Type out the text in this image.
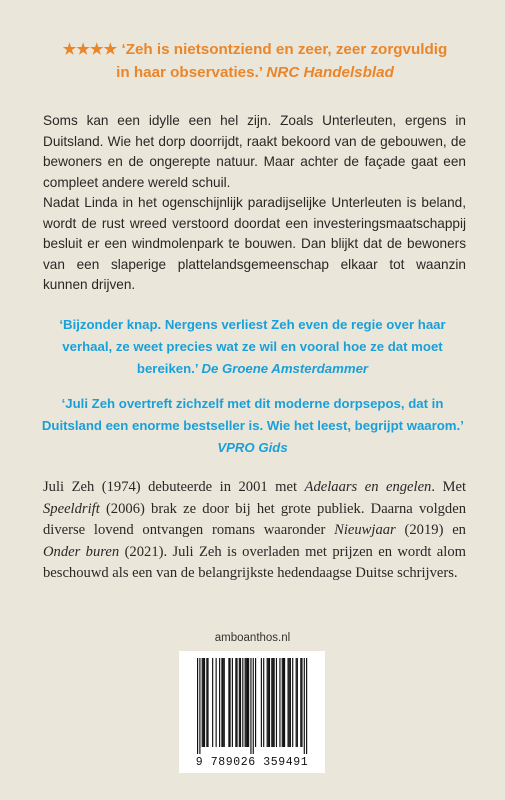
★★★★ ‘Zeh is nietsontziend en zeer, zeer zorgvuldig
in haar observaties.’ NRC Handelsblad

Soms kan een idylle een hel zijn. Zoals Unterleuten, ergens in Duitsland. Wie het dorp doorrijdt, raakt bekoord van de gebouwen, de bewoners en de ongerepte natuur. Maar achter de façade gaat een compleet andere wereld schuil.

Nadat Linda in het ogenschijnlijk paradijselijke Unterleuten is beland, wordt de rust wreed verstoord doordat een investeringsmaatschappij besluit er een windmolenpark te bouwen. Dan blijkt dat de bewoners van een slaperige plattelandsgemeenschap elkaar tot waanzin kunnen drijven.

‘Bijzonder knap. Nergens verliest Zeh even de regie over haar verhaal, ze weet precies wat ze wil en vooral hoe ze dat moet bereiken.’ De Groene Amsterdammer

‘Juli Zeh overtreft zichzelf met dit moderne dorpsepos, dat in Duitsland een enorme bestseller is. Wie het leest, begrijpt waarom.’ VPRO Gids

Juli Zeh (1974) debuteerde in 2001 met Adelaars en engelen. Met Speeldrift (2006) brak ze door bij het grote publiek. Daarna volgden diverse lovend ontvangen romans waaronder Nieuwjaar (2019) en Onder buren (2021). Juli Zeh is overladen met prijzen en wordt alom beschouwd als een van de belangrijkste hedendaagse Duitse schrijvers.

amboanthos.nl
9 789026 359491
